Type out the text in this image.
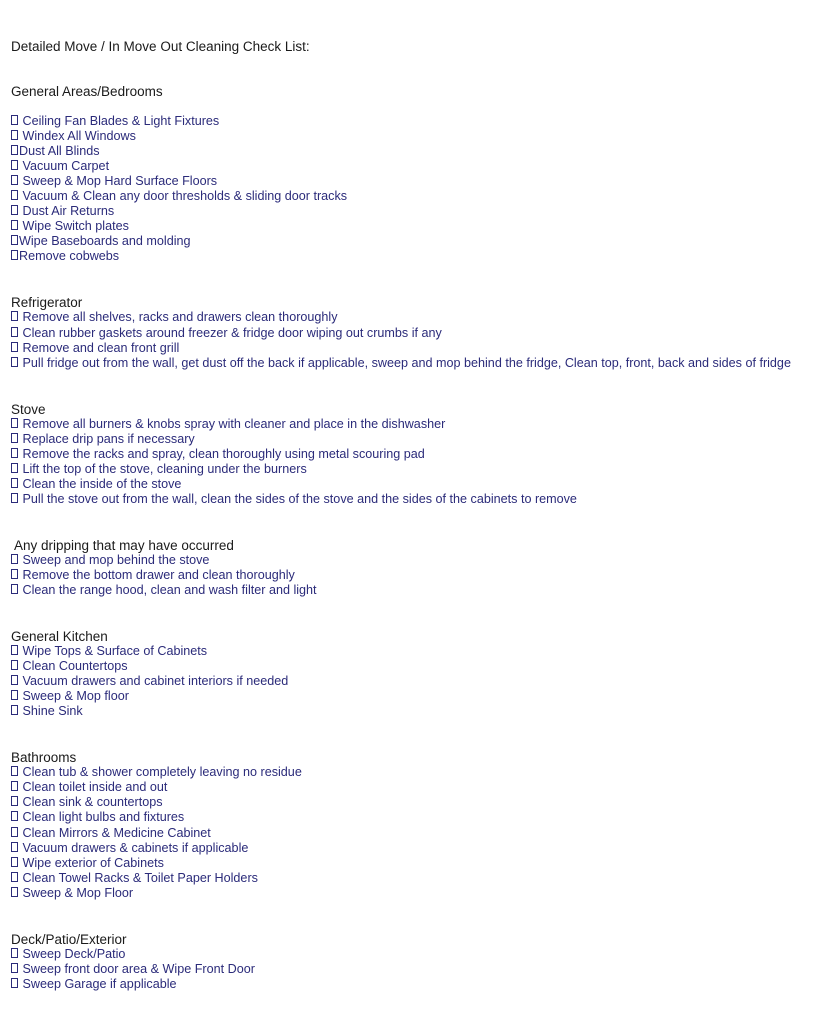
Detailed Move / In Move Out Cleaning Check List:
General Areas/Bedrooms
Ceiling Fan Blades & Light Fixtures
Windex All Windows
Dust All Blinds
Vacuum Carpet
Sweep & Mop Hard Surface Floors
Vacuum & Clean any door thresholds & sliding door tracks
Dust Air Returns
Wipe Switch plates
Wipe Baseboards and molding
Remove cobwebs
Refrigerator
Remove all shelves, racks and drawers clean thoroughly
Clean rubber gaskets around freezer & fridge door wiping out crumbs if any
Remove and clean front grill
Pull fridge out from the wall, get dust off the back if applicable, sweep and mop behind the fridge, Clean top, front, back and sides of fridge
Stove
Remove all burners & knobs spray with cleaner and place in the dishwasher
Replace drip pans if necessary
Remove the racks and spray, clean thoroughly using metal scouring pad
Lift the top of the stove, cleaning under the burners
Clean the inside of the stove
Pull the stove out from the wall, clean the sides of the stove and the sides of the cabinets to remove
Any dripping that may have occurred
Sweep and mop behind the stove
Remove the bottom drawer and clean thoroughly
Clean the range hood, clean and wash filter and light
General Kitchen
Wipe Tops & Surface of Cabinets
Clean Countertops
Vacuum drawers and cabinet interiors if needed
Sweep & Mop floor
Shine Sink
Bathrooms
Clean tub & shower completely leaving no residue
Clean toilet inside and out
Clean sink & countertops
Clean light bulbs and fixtures
Clean Mirrors & Medicine Cabinet
Vacuum drawers & cabinets if applicable
Wipe exterior of Cabinets
Clean Towel Racks & Toilet Paper Holders
Sweep & Mop Floor
Deck/Patio/Exterior
Sweep Deck/Patio
Sweep front door area & Wipe Front Door
Sweep Garage if applicable
